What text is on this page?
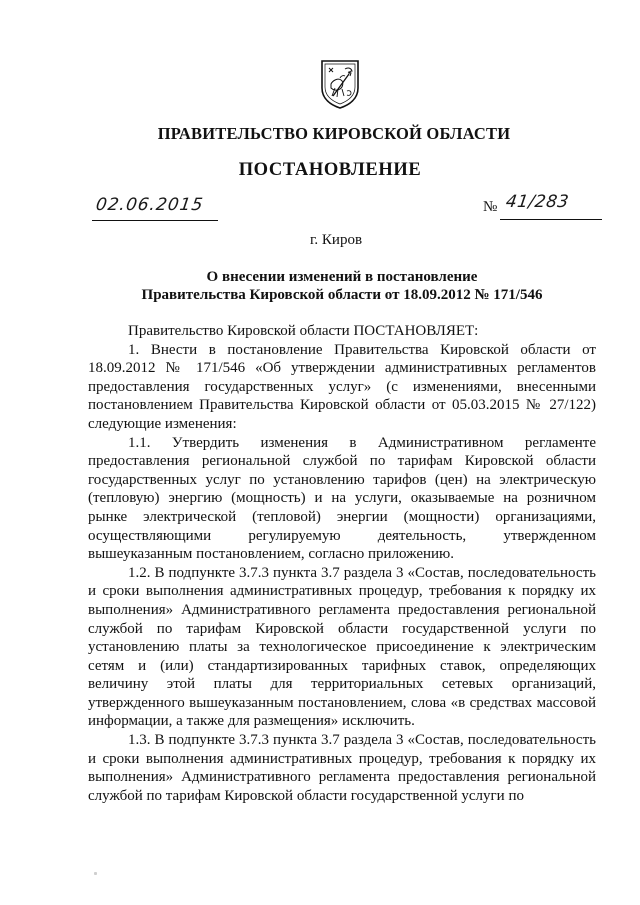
ПРАВИТЕЛЬСТВО КИРОВСКОЙ ОБЛАСТИ
ПОСТАНОВЛЕНИЕ
02.06.2015	№ 41/283
г. Киров
О внесении изменений в постановление
Правительства Кировской области от 18.09.2012 № 171/546

Правительство Кировской области ПОСТАНОВЛЯЕТ:

1. Внести в постановление Правительства Кировской области от 18.09.2012 № 171/546 «Об утверждении административных регламентов предоставления государственных услуг» (с изменениями, внесенными постановлением Правительства Кировской области от 05.03.2015 № 27/122) следующие изменения:

1.1. Утвердить изменения в Административном регламенте предоставления региональной службой по тарифам Кировской области государственных услуг по установлению тарифов (цен) на электрическую (тепловую) энергию (мощность) и на услуги, оказываемые на розничном рынке электрической (тепловой) энергии (мощности) организациями, осуществляющими регулируемую деятельность, утвержденном вышеуказанным постановлением, согласно приложению.

1.2. В подпункте 3.7.3 пункта 3.7 раздела 3 «Состав, последовательность и сроки выполнения административных процедур, требования к порядку их выполнения» Административного регламента предоставления региональной службой по тарифам Кировской области государственной услуги по установлению платы за технологическое присоединение к электрическим сетям и (или) стандартизированных тарифных ставок, определяющих величину этой платы для территориальных сетевых организаций, утвержденного вышеуказанным постановлением, слова «в средствах массовой информации, а также для размещения» исключить.

1.3. В подпункте 3.7.3 пункта 3.7 раздела 3 «Состав, последовательность и сроки выполнения административных процедур, требования к порядку их выполнения» Административного регламента предоставления региональной службой по тарифам Кировской области государственной услуги по
